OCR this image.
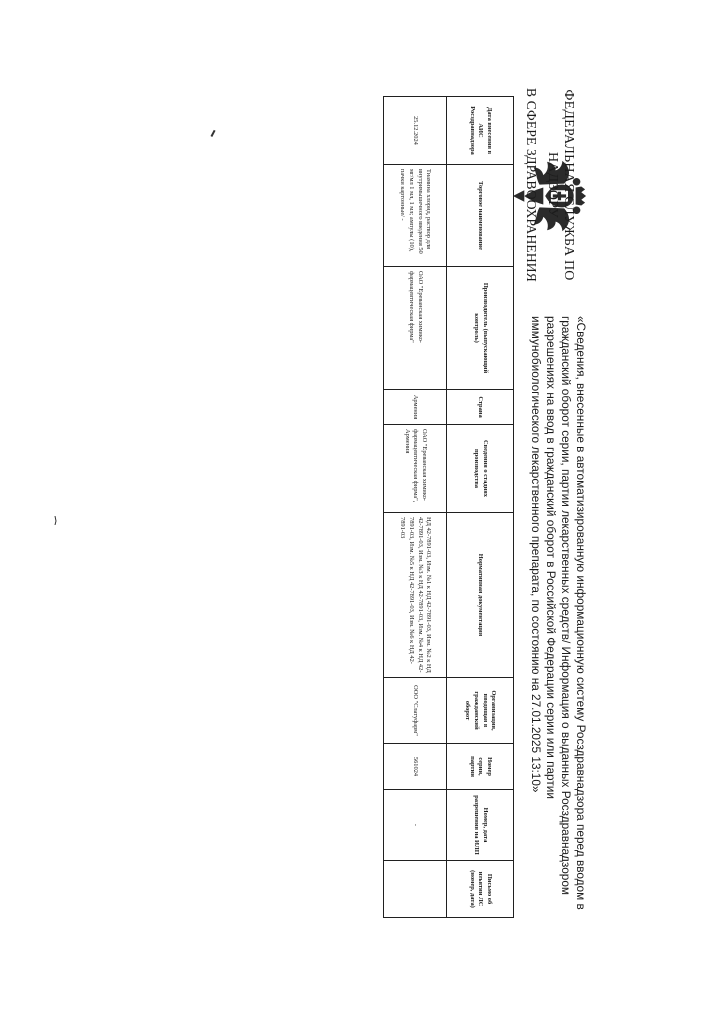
ФЕДЕРАЛЬНАЯ СЛУЖБА ПО НАДЗОРУ
В СФЕРЕ ЗДРАВООХРАНЕНИЯ
«Сведения, внесенные в автоматизированную информационную систему Росздравнадзора перед вводом в гражданский оборот серии, партии лекарственных средств/ Информация о выданных Росздравнадзором разрешениях на ввод в гражданский оборот в Российской Федерации серии или партии иммунобиологического лекарственного препарата, по состоянию на 27.01.2025 13:10»
Дата внесения в АИС Росздравнадзора	Торговое наименование	Производитель (выпускающий контроль)	Страна	Сведения о стадиях производства	Нормативная документация	Организация, вводящая в гражданский оборот	Номер серии, партии	Номер, дата разрешения на ИЛП	Письмо об изъятии ЛС (номер, дата)
25.12.2024	Тиамина хлорид, раствор для внутримышечного введения 50 мг/мл 1 мл, 1 мл; ампулы (10), пачки картонные/ -	ОАО "Ереванская химико-фармацевтическая фирма"	Армения	ОАО "Ереванская химико-фармацевтическая фирма", Армения	НД 42-7891-03, Изм. №1 к НД 42-7891-03, Изм. №2 к НД 42-7891-03, Изм. №3 к НД 42-7891-03, Изм. №4 к НД 42-7891-03, Изм. №5 к НД 42-7891-03, Изм. №6 к НД 42-7891-03	ООО "Слатуфарм"	561024	-	
